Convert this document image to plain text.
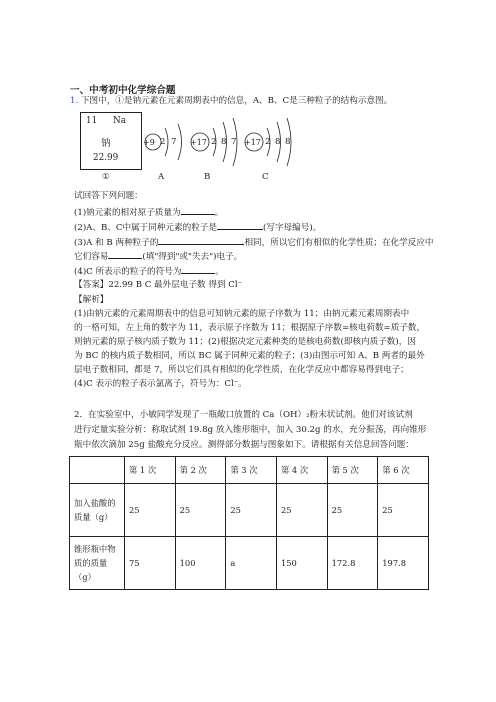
一、中考初中化学综合题
1. 下图中，①是钠元素在元素周期表中的信息，A、B、C是三种粒子的结构示意图。
11 Na
钠
22.99
①
+9 2 7
A
+17 2 8 7
B
+17 2 8 8
C
试回答下列问题：
(1)钠元素的相对原子质量为	。
(2)A、B、C中属于同种元素的粒子是	(写字母编号)。
(3)A 和 B 两种粒子的	相同，所以它们有相似的化学性质；在化学反应中
它们容易	(填"得到"或"失去")电子。
(4)C 所表示的粒子的符号为	。
【答案】22.99 B C 最外层电子数 得到 Cl⁻
【解析】
(1)由钠元素的元素周期表中的信息可知钠元素的原子序数为 11；由钠元素元素周期表中
的一格可知，左上角的数字为 11，表示原子序数为 11；根据原子序数=核电荷数=质子数，
则钠元素的原子核内质子数为 11；(2)根据决定元素种类的是核电荷数(即核内质子数)，因
为 BC 的核内质子数相同，所以 BC 属于同种元素的粒子；(3)由图示可知 A、B 两者的最外
层电子数相同，都是 7，所以它们具有相似的化学性质，在化学反应中都容易得到电子；
(4)C 表示的粒子表示氯离子，符号为：Cl⁻。
2．在实验室中，小敏同学发现了一瓶敞口放置的 Ca（OH）₂粉末状试剂。他们对该试剂
进行定量实验分析：称取试剂 19.8g 放入锥形瓶中，加入 30.2g 的水，充分振荡，再向锥形
瓶中依次滴加 25g 盐酸充分反应。测得部分数据与图象如下。请根据有关信息回答问题：
	第 1 次	第 2 次	第 3 次	第 4 次	第 5 次	第 6 次
加入盐酸的质量（g）	25	25	25	25	25	25
锥形瓶中物质的质量（g）	75	100	a	150	172.8	197.8
